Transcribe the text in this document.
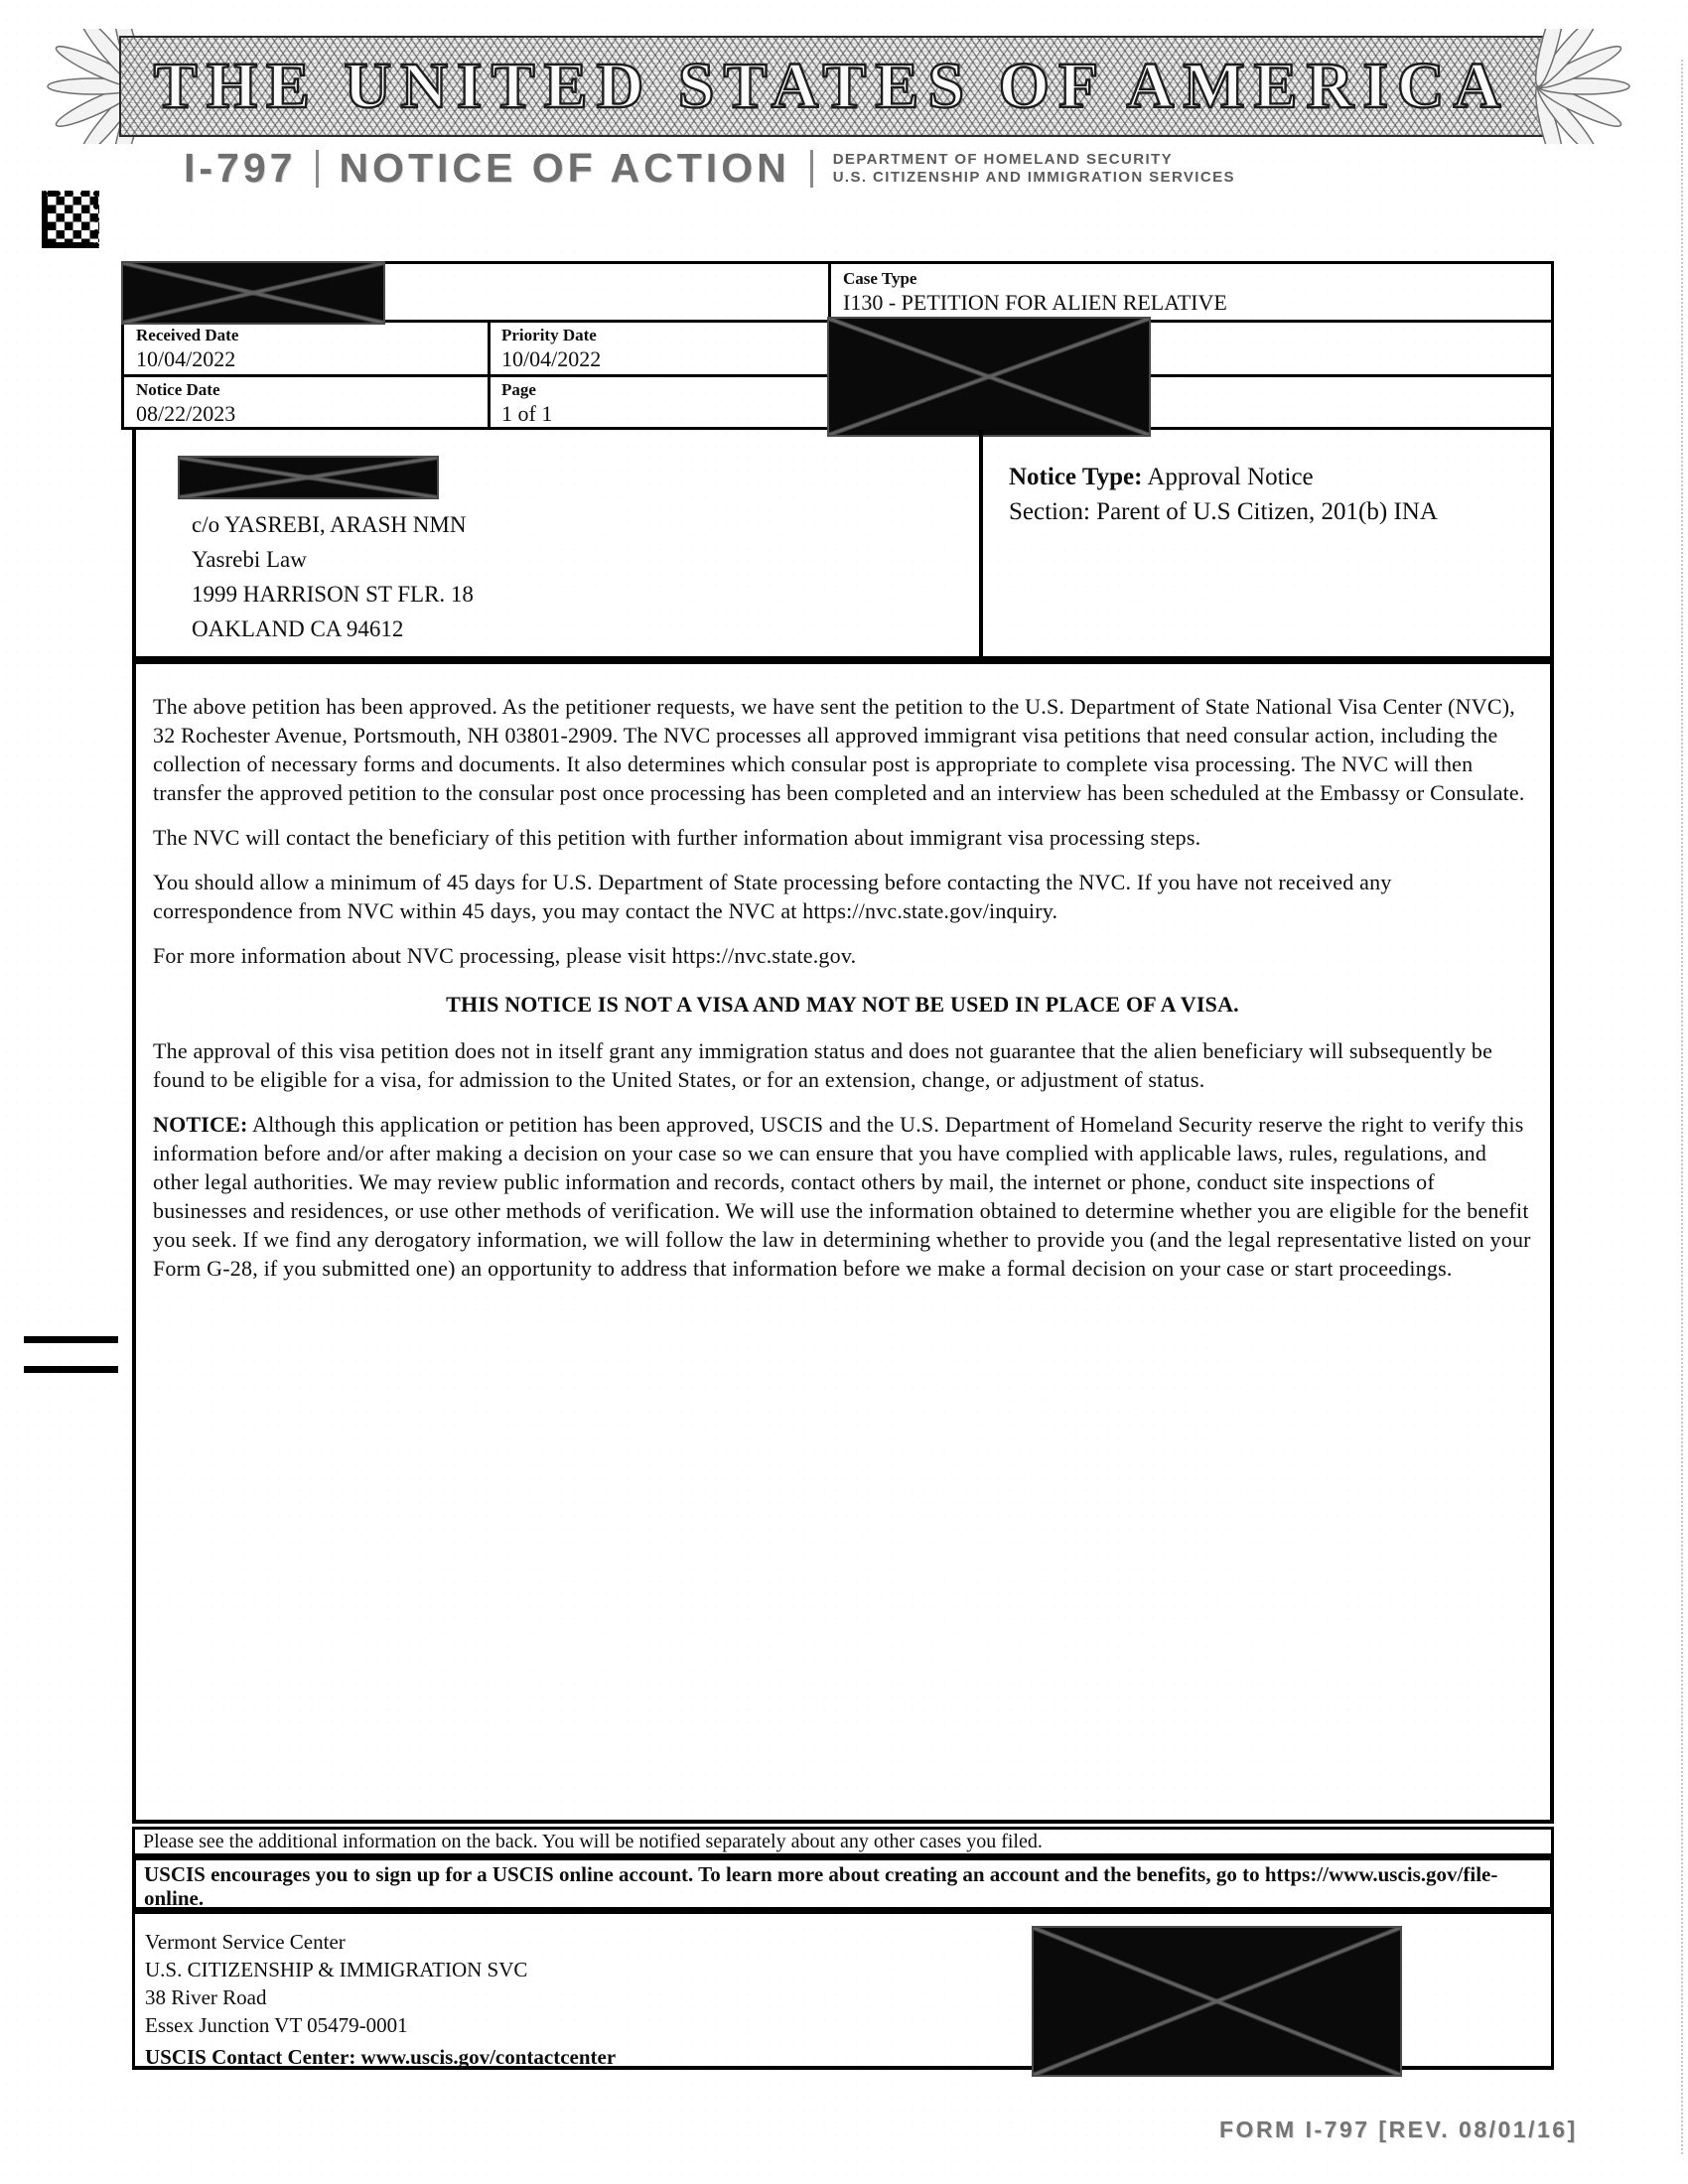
THE UNITED STATES OF AMERICA
I-797 NOTICE OF ACTION	DEPARTMENT OF HOMELAND SECURITY
U.S. CITIZENSHIP AND IMMIGRATION SERVICES
Case Type
I130 - PETITION FOR ALIEN RELATIVE
Received Date
10/04/2022
Priority Date
10/04/2022
Notice Date
08/22/2023
Page
1 of 1
c/o YASREBI, ARASH NMN
Yasrebi Law
1999 HARRISON ST FLR. 18
OAKLAND CA 94612
Notice Type: Approval Notice
Section: Parent of U.S Citizen, 201(b) INA

The above petition has been approved. As the petitioner requests, we have sent the petition to the U.S. Department of State National Visa Center (NVC), 32 Rochester Avenue, Portsmouth, NH 03801-2909. The NVC processes all approved immigrant visa petitions that need consular action, including the collection of necessary forms and documents. It also determines which consular post is appropriate to complete visa processing. The NVC will then transfer the approved petition to the consular post once processing has been completed and an interview has been scheduled at the Embassy or Consulate.

The NVC will contact the beneficiary of this petition with further information about immigrant visa processing steps.

You should allow a minimum of 45 days for U.S. Department of State processing before contacting the NVC. If you have not received any correspondence from NVC within 45 days, you may contact the NVC at https://nvc.state.gov/inquiry.

For more information about NVC processing, please visit https://nvc.state.gov.

THIS NOTICE IS NOT A VISA AND MAY NOT BE USED IN PLACE OF A VISA.

The approval of this visa petition does not in itself grant any immigration status and does not guarantee that the alien beneficiary will subsequently be found to be eligible for a visa, for admission to the United States, or for an extension, change, or adjustment of status.

NOTICE: Although this application or petition has been approved, USCIS and the U.S. Department of Homeland Security reserve the right to verify this information before and/or after making a decision on your case so we can ensure that you have complied with applicable laws, rules, regulations, and other legal authorities. We may review public information and records, contact others by mail, the internet or phone, conduct site inspections of businesses and residences, or use other methods of verification. We will use the information obtained to determine whether you are eligible for the benefit you seek. If we find any derogatory information, we will follow the law in determining whether to provide you (and the legal representative listed on your Form G-28, if you submitted one) an opportunity to address that information before we make a formal decision on your case or start proceedings.

Please see the additional information on the back. You will be notified separately about any other cases you filed.
USCIS encourages you to sign up for a USCIS online account. To learn more about creating an account and the benefits, go to https://www.uscis.gov/file-online.
Vermont Service Center
U.S. CITIZENSHIP & IMMIGRATION SVC
38 River Road
Essex Junction VT 05479-0001
USCIS Contact Center: www.uscis.gov/contactcenter
FORM I-797 [REV. 08/01/16]
